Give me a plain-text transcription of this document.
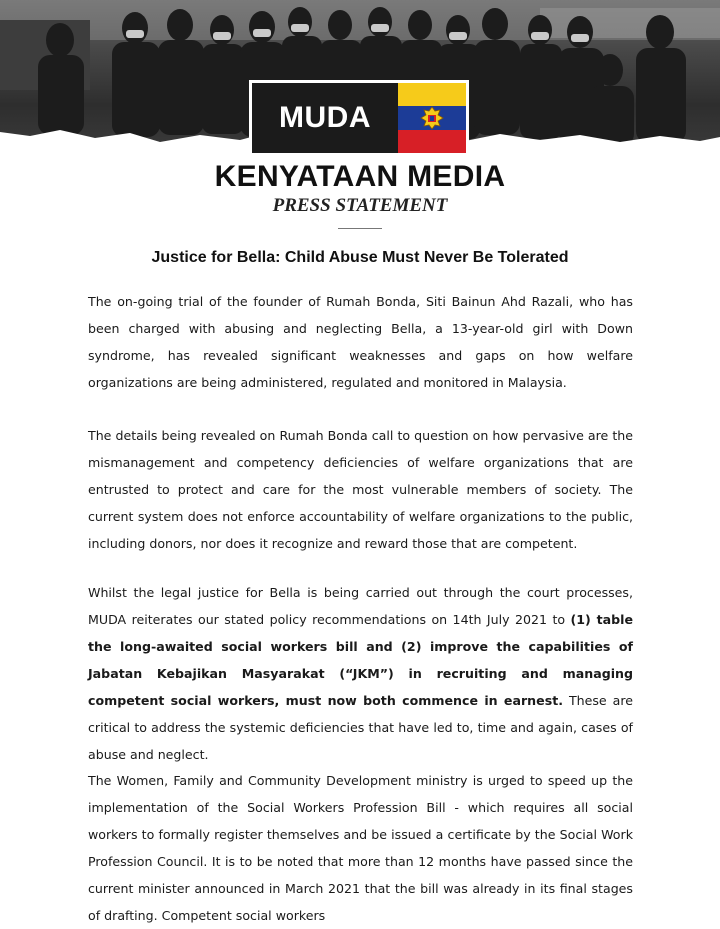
MUDA
KENYATAAN MEDIA
PRESS STATEMENT
Justice for Bella: Child Abuse Must Never Be Tolerated

The on-going trial of the founder of Rumah Bonda, Siti Bainun Ahd Razali, who has been charged with abusing and neglecting Bella, a 13-year-old girl with Down syndrome, has revealed significant weaknesses and gaps on how welfare organizations are being administered, regulated and monitored in Malaysia.

The details being revealed on Rumah Bonda call to question on how pervasive are the mismanagement and competency deficiencies of welfare organizations that are entrusted to protect and care for the most vulnerable members of society. The current system does not enforce accountability of welfare organizations to the public, including donors, nor does it recognize and reward those that are competent.

Whilst the legal justice for Bella is being carried out through the court processes, MUDA reiterates our stated policy recommendations on 14th July 2021 to (1) table the long-awaited social workers bill and (2) improve the capabilities of Jabatan Kebajikan Masyarakat (“JKM”) in recruiting and managing competent social workers, must now both commence in earnest. These are critical to address the systemic deficiencies that have led to, time and again, cases of abuse and neglect.

The Women, Family and Community Development ministry is urged to speed up the implementation of the Social Workers Profession Bill - which requires all social workers to formally register themselves and be issued a certificate by the Social Work Profession Council. It is to be noted that more than 12 months have passed since the current minister announced in March 2021 that the bill was already in its final stages of drafting. Competent social workers
